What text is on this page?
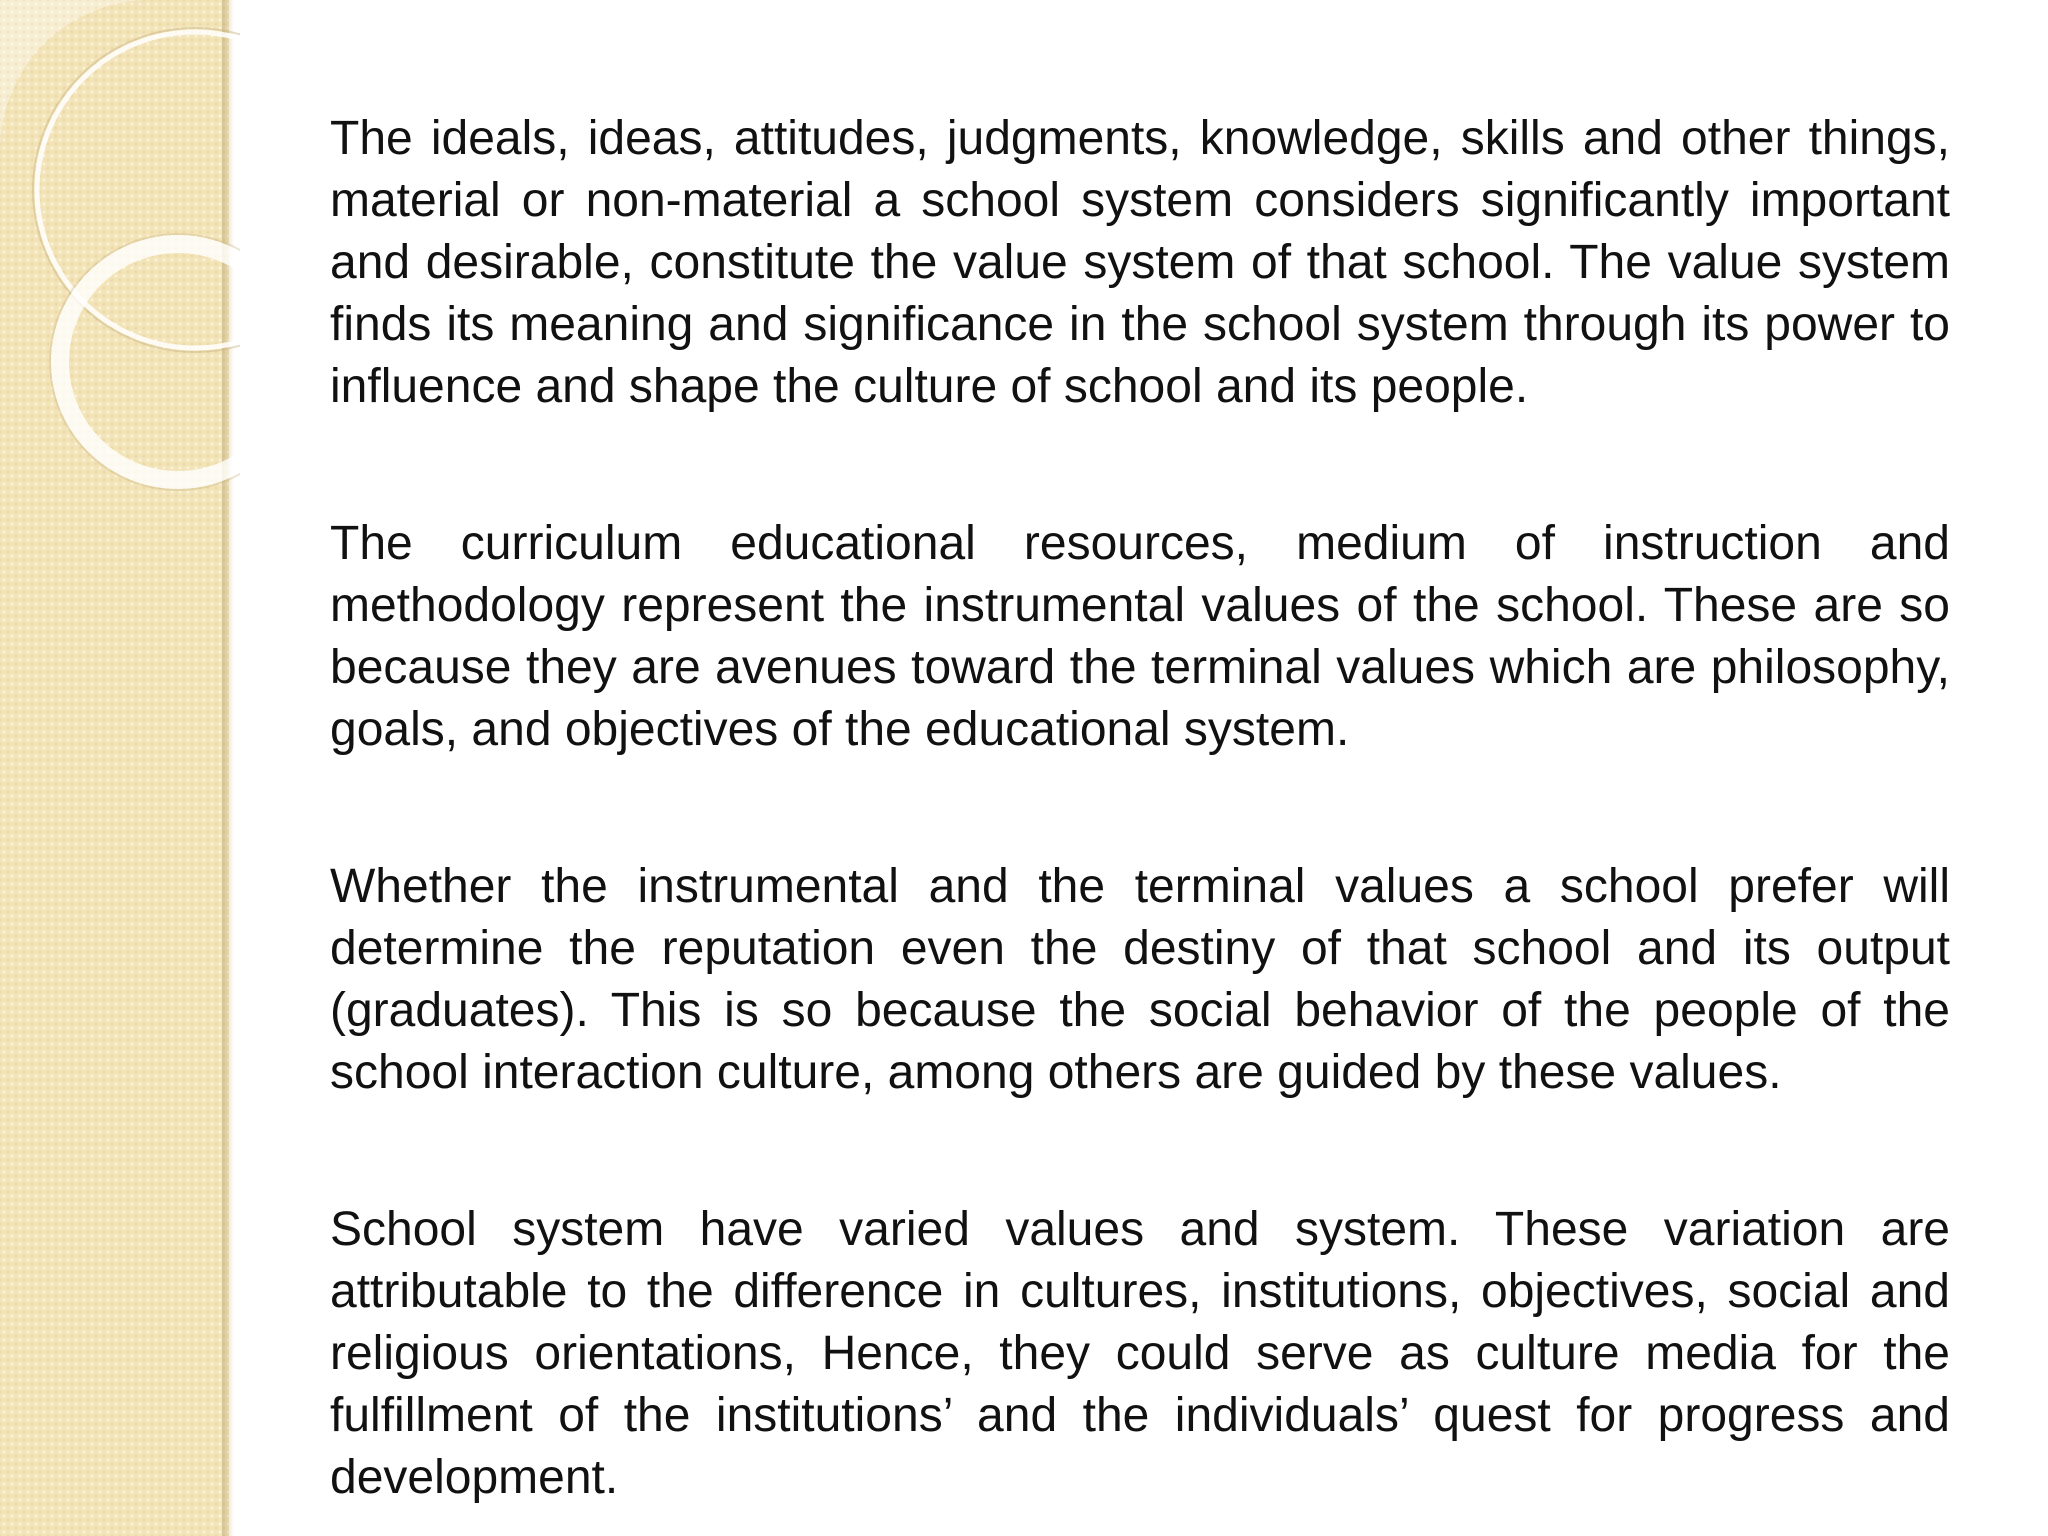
The ideals, ideas, attitudes, judgments, knowledge, skills and other things, material or non-material a school system considers significantly important and desirable, constitute the value system of that school. The value system finds its meaning and significance in the school system through its power to influence and shape the culture of school and its people.

The curriculum educational resources, medium of instruction and methodology represent the instrumental values of the school. These are so because they are avenues toward the terminal values which are philosophy, goals, and objectives of the educational system.

Whether the instrumental and the terminal values a school prefer will determine the reputation even the destiny of that school and its output (graduates). This is so because the social behavior of the people of the school interaction culture, among others are guided by these values.

School system have varied values and system. These variation are attributable to the difference in cultures, institutions, objectives, social and religious orientations, Hence, they could serve as culture media for the fulfillment of the institutions’ and the individuals’ quest for progress and development.
